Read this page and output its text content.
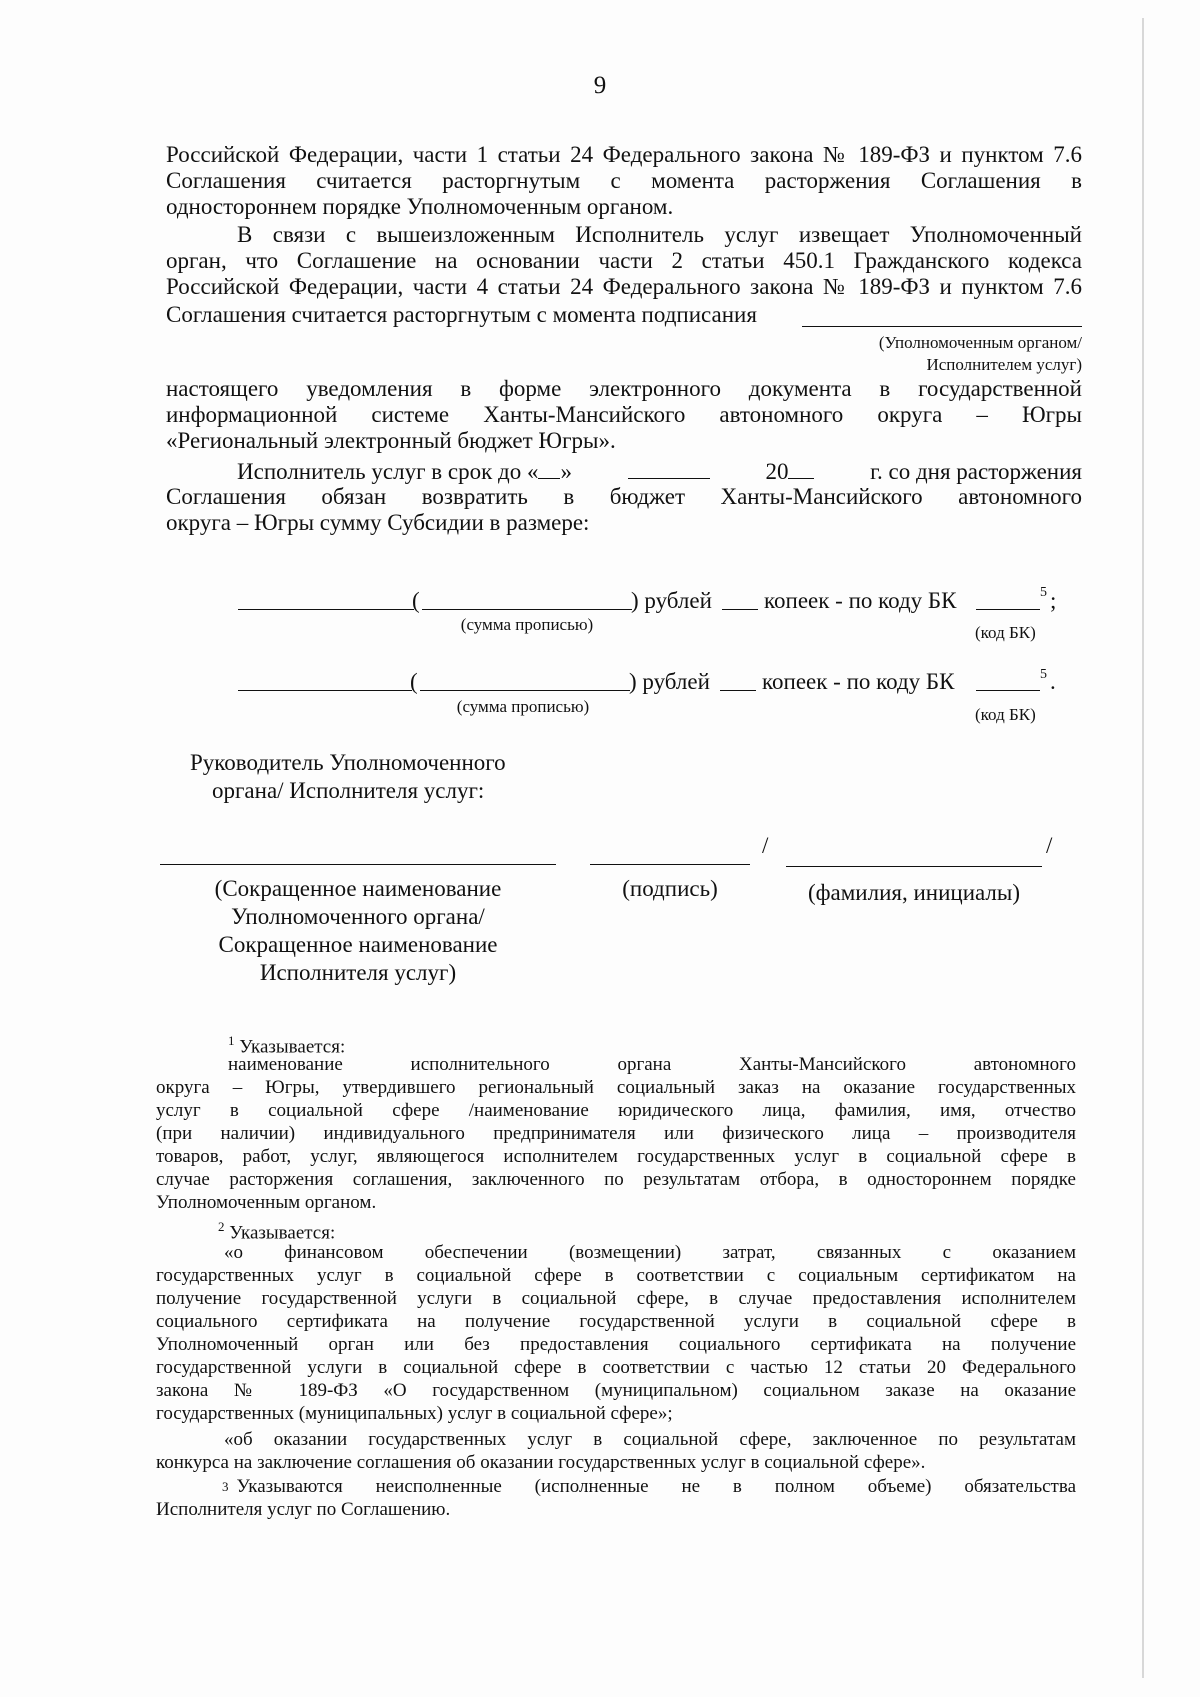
9
Российской Федерации, части 1 статьи 24 Федерального закона № 189-ФЗ и пунктом 7.6
Соглашения считается расторгнутым с момента расторжения Соглашения в
одностороннем порядке Уполномоченным органом.
В связи с вышеизложенным Исполнитель услуг извещает Уполномоченный
орган, что Соглашение на основании части 2 статьи 450.1 Гражданского кодекса
Российской Федерации, части 4 статьи 24 Федерального закона № 189-ФЗ и пунктом 7.6
Соглашения считается расторгнутым с момента подписания
(Уполномоченным органом/
Исполнителем услуг)
настоящего уведомления в форме электронного документа в государственной
информационной системе Ханты-Мансийского автономного округа – Югры
«Региональный электронный бюджет Югры».
Исполнитель услуг в срок до « »	20	г. со дня расторжения
Соглашения обязан возвратить в бюджет Ханты-Мансийского автономного
округа – Югры сумму Субсидии в размере:
(	) рублей копеек - по коду БК	5 ;
(сумма прописью)	(код БК)
(	) рублей копеек - по коду БК	5 .
(сумма прописью)	(код БК)
Руководитель Уполномоченного
органа/ Исполнителя услуг:
/	/
(Сокращенное наименование
Уполномоченного органа/
Сокращенное наименование
Исполнителя услуг)
(подпись)	(фамилия, инициалы)
$^1$ Указывается:
наименование исполнительного органа Ханты-Мансийского автономного
округа – Югры, утвердившего региональный социальный заказ на оказание государственных
услуг в социальной сфере /наименование юридического лица, фамилия, имя, отчество
(при наличии) индивидуального предпринимателя или физического лица – производителя
товаров, работ, услуг, являющегося исполнителем государственных услуг в социальной сфере в
случае расторжения соглашения, заключенного по результатам отбора, в одностороннем порядке
Уполномоченным органом.
$^2$ Указывается:
«о финансовом обеспечении (возмещении) затрат, связанных с оказанием
государственных услуг в социальной сфере в соответствии с социальным сертификатом на
получение государственной услуги в социальной сфере, в случае предоставления исполнителем
социального сертификата на получение государственной услуги в социальной сфере в
Уполномоченный орган или без предоставления социального сертификата на получение
государственной услуги в социальной сфере в соответствии с частью 12 статьи 20 Федерального
закона № 189-ФЗ «О государственном (муниципальном) социальном заказе на оказание
государственных (муниципальных) услуг в социальной сфере»;
«об оказании государственных услуг в социальной сфере, заключенное по результатам
конкурса на заключение соглашения об оказании государственных услуг в социальной сфере».
3 Указываются неисполненные (исполненные не в полном объеме) обязательства
Исполнителя услуг по Соглашению.
